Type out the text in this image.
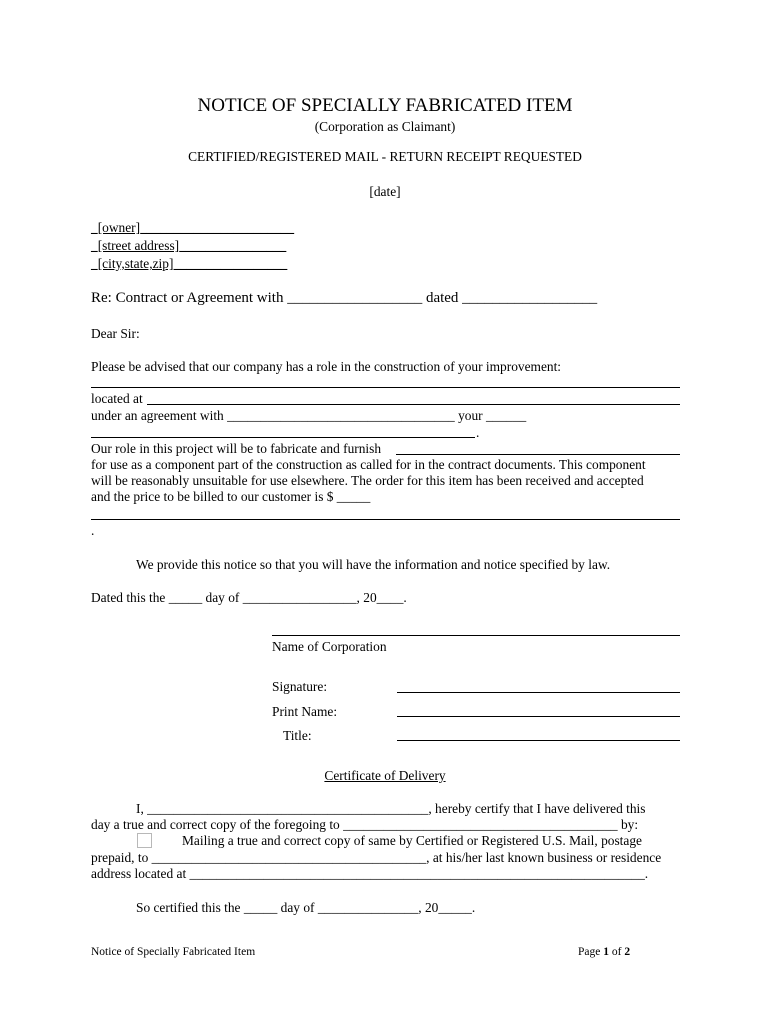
NOTICE OF SPECIALLY FABRICATED ITEM
(Corporation as Claimant)
CERTIFIED/REGISTERED MAIL - RETURN RECEIPT REQUESTED
[date]
_[owner]_______________________
_[street address]________________
_[city,state,zip]_________________
Re: Contract or Agreement with __________________ dated __________________
Dear Sir:
Please be advised that our company has a role in the construction of your improvement:
located at
under an agreement with __________________________________ your ______
.
Our role in this project will be to fabricate and furnish
for use as a component part of the construction as called for in the contract documents. This component
will be reasonably unsuitable for use elsewhere. The order for this item has been received and accepted
and the price to be billed to our customer is $ _____
.
We provide this notice so that you will have the information and notice specified by law.
Dated this the _____ day of _________________, 20____.
Name of Corporation
Signature:
Print Name:
Title:
Certificate of Delivery
I, __________________________________________, hereby certify that I have delivered this
day a true and correct copy of the foregoing to _________________________________________ by:
Mailing a true and correct copy of same by Certified or Registered U.S. Mail, postage
prepaid, to _________________________________________, at his/her last known business or residence
address located at ____________________________________________________________________.
So certified this the _____ day of _______________, 20_____.
Notice of Specially Fabricated Item	Page 1 of 2
